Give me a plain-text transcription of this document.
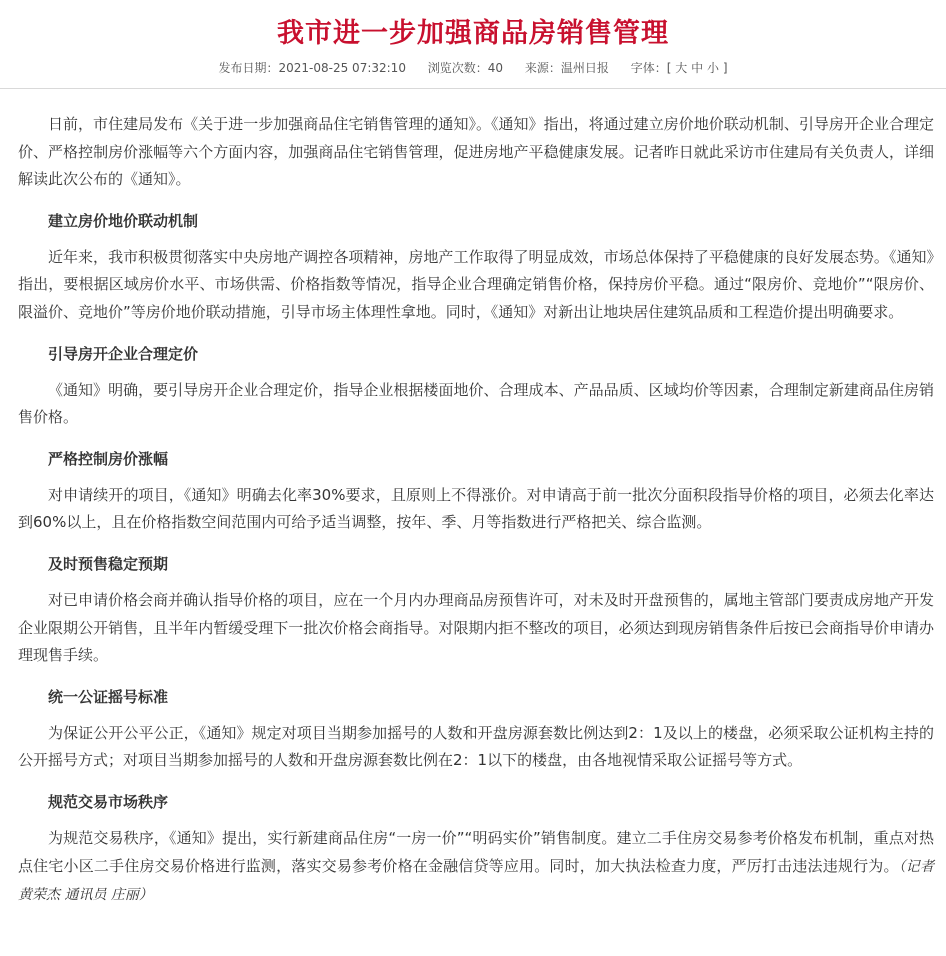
我市进一步加强商品房销售管理
发布日期：2021-08-25 07:32:10 浏览次数：40 来源：温州日报 字体：[ 大 中 小 ]

日前，市住建局发布《关于进一步加强商品住宅销售管理的通知》。《通知》指出，将通过建立房价地价联动机制、引导房开企业合理定价、严格控制房价涨幅等六个方面内容，加强商品住宅销售管理，促进房地产平稳健康发展。记者昨日就此采访市住建局有关负责人，详细解读此次公布的《通知》。

建立房价地价联动机制

近年来，我市积极贯彻落实中央房地产调控各项精神，房地产工作取得了明显成效，市场总体保持了平稳健康的良好发展态势。《通知》指出，要根据区域房价水平、市场供需、价格指数等情况，指导企业合理确定销售价格，保持房价平稳。通过“限房价、竞地价”“限房价、限溢价、竞地价”等房价地价联动措施，引导市场主体理性拿地。同时，《通知》对新出让地块居住建筑品质和工程造价提出明确要求。

引导房开企业合理定价

《通知》明确，要引导房开企业合理定价，指导企业根据楼面地价、合理成本、产品品质、区域均价等因素，合理制定新建商品住房销售价格。

严格控制房价涨幅

对申请续开的项目，《通知》明确去化率30%要求，且原则上不得涨价。对申请高于前一批次分面积段指导价格的项目，必须去化率达到60%以上，且在价格指数空间范围内可给予适当调整，按年、季、月等指数进行严格把关、综合监测。

及时预售稳定预期

对已申请价格会商并确认指导价格的项目，应在一个月内办理商品房预售许可，对未及时开盘预售的，属地主管部门要责成房地产开发企业限期公开销售，且半年内暂缓受理下一批次价格会商指导。对限期内拒不整改的项目，必须达到现房销售条件后按已会商指导价申请办理现售手续。

统一公证摇号标准

为保证公开公平公正，《通知》规定对项目当期参加摇号的人数和开盘房源套数比例达到2：1及以上的楼盘，必须采取公证机构主持的公开摇号方式；对项目当期参加摇号的人数和开盘房源套数比例在2：1以下的楼盘，由各地视情采取公证摇号等方式。

规范交易市场秩序

为规范交易秩序，《通知》提出，实行新建商品住房“一房一价”“明码实价”销售制度。建立二手住房交易参考价格发布机制，重点对热点住宅小区二手住房交易价格进行监测，落实交易参考价格在金融信贷等应用。同时，加大执法检查力度，严厉打击违法违规行为。（记者 黄荣杰 通讯员 庄丽）
